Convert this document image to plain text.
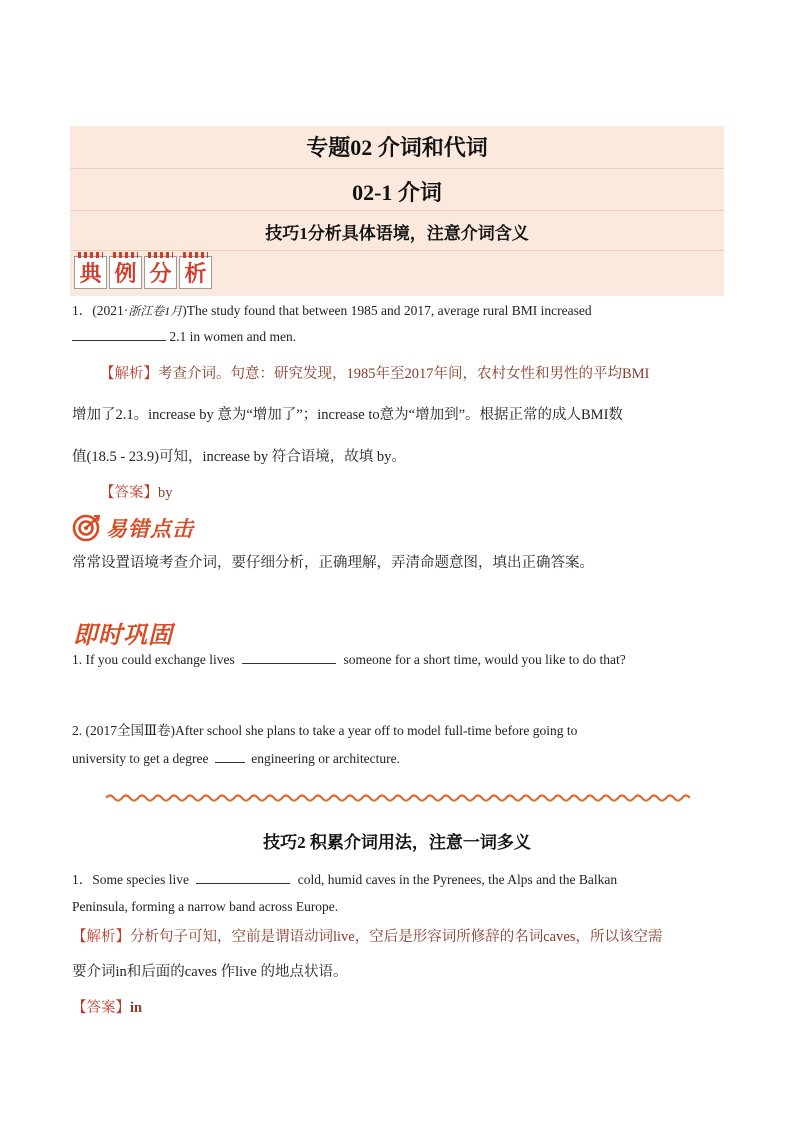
专题02 介词和代词
02-1 介词
技巧1分析具体语境，注意介词含义
典 例 分 析
1．(2021·浙江卷1月)The study found that between 1985 and 2017, average rural BMI increased
2.1 in women and men.
【解析】考查介词。句意：研究发现，1985年至2017年间，农村女性和男性的平均BMI
增加了2.1。increase by 意为“增加了”；increase to意为“增加到”。根据正常的成人BMI数
值(18.5 - 23.9)可知，increase by 符合语境，故填 by。
【答案】by
易错点击
常常设置语境考查介词，要仔细分析，正确理解，弄清命题意图，填出正确答案。
即时巩固
1. If you could exchange lives	someone for a short time, would you like to do that?
2. (2017全国Ⅲ卷)After school she plans to take a year off to model full-time before going to
university to get a degree	engineering or architecture.
技巧2 积累介词用法，注意一词多义
1．Some species live	cold, humid caves in the Pyrenees, the Alps and the Balkan
Peninsula, forming a narrow band across Europe.
【解析】分析句子可知，空前是谓语动词live，空后是形容词所修辞的名词caves，所以该空需
要介词in和后面的caves 作live 的地点状语。
【答案】in
